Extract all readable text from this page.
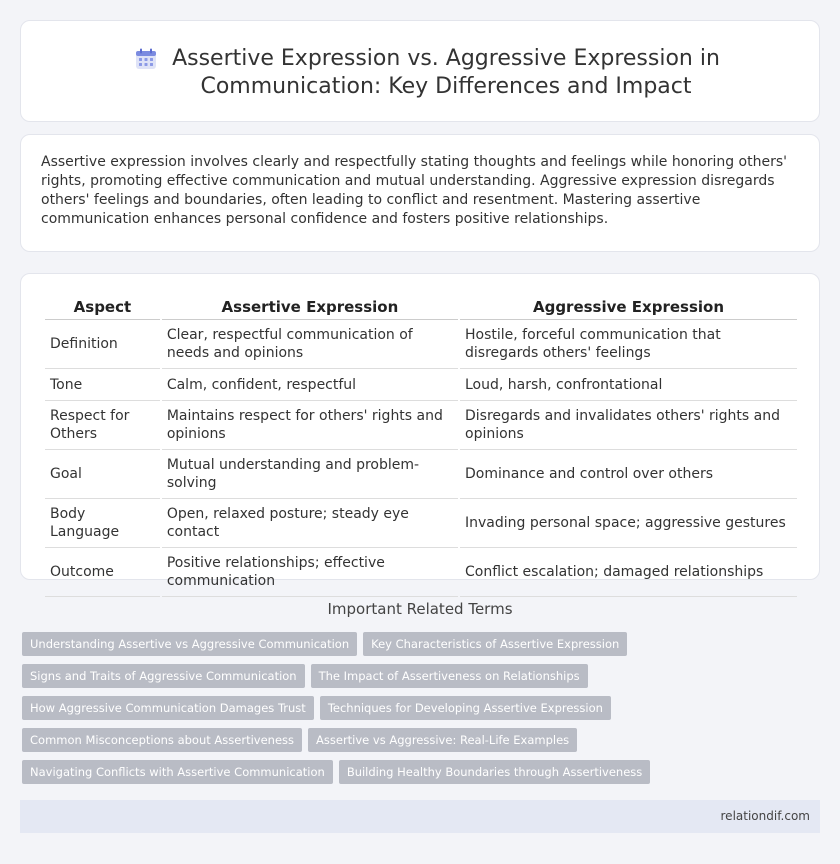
Assertive Expression vs. Aggressive Expression in Communication: Key Differences and Impact

Assertive expression involves clearly and respectfully stating thoughts and feelings while honoring others' rights, promoting effective communication and mutual understanding. Aggressive expression disregards others' feelings and boundaries, often leading to conflict and resentment. Mastering assertive communication enhances personal confidence and fosters positive relationships.

Aspect	Assertive Expression	Aggressive Expression
Definition	Clear, respectful communication of needs and opinions	Hostile, forceful communication that disregards others' feelings
Tone	Calm, confident, respectful	Loud, harsh, confrontational
Respect for Others	Maintains respect for others' rights and opinions	Disregards and invalidates others' rights and opinions
Goal	Mutual understanding and problem-solving	Dominance and control over others
Body Language	Open, relaxed posture; steady eye contact	Invading personal space; aggressive gestures
Outcome	Positive relationships; effective communication	Conflict escalation; damaged relationships
Important Related Terms
Understanding Assertive vs Aggressive Communication	Key Characteristics of Assertive Expression
Signs and Traits of Aggressive Communication	The Impact of Assertiveness on Relationships
How Aggressive Communication Damages Trust	Techniques for Developing Assertive Expression
Common Misconceptions about Assertiveness	Assertive vs Aggressive: Real-Life Examples
Navigating Conflicts with Assertive Communication	Building Healthy Boundaries through Assertiveness
relationdif.com
